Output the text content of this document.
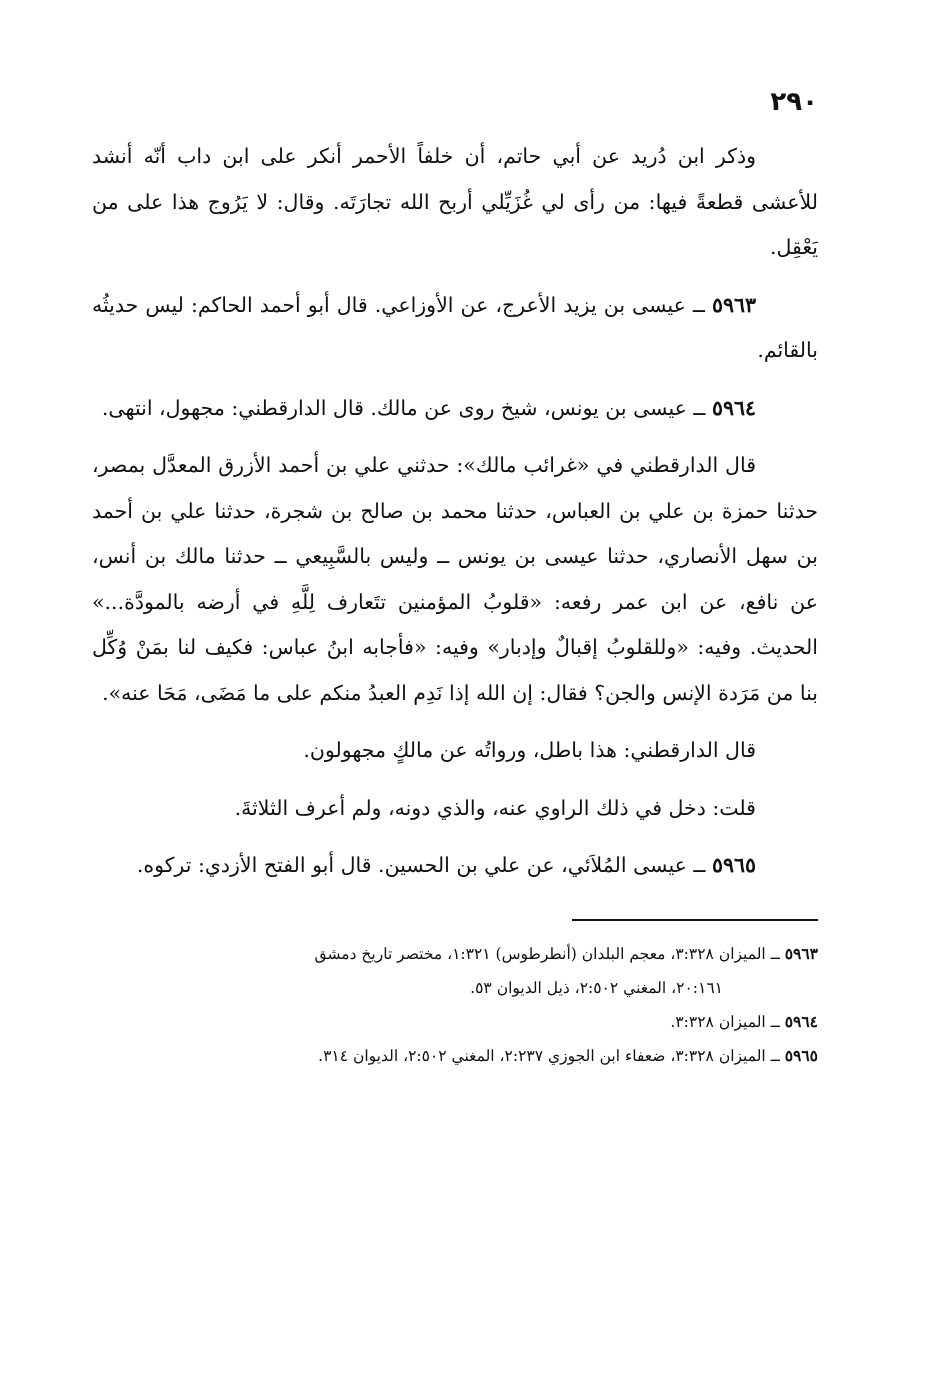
٢٩٠

وذكر ابن دُريد عن أبي حاتم، أن خلفاً الأحمر أنكر على ابن داب أنّه أنشد للأعشى قطعةً فيها: من رأى لي غُزَيِّلي أربح الله تجارَتَه. وقال: لا يَرُوج هذا على من يَعْقِل.

٥٩٦٣ ــ عيسى بن يزيد الأعرج، عن الأوزاعي. قال أبو أحمد الحاكم: ليس حديثُه بالقائم.

٥٩٦٤ ــ عيسى بن يونس، شيخ روى عن مالك. قال الدارقطني: مجهول، انتهى.

قال الدارقطني في «غرائب مالك»: حدثني علي بن أحمد الأزرق المعدَّل بمصر، حدثنا حمزة بن علي بن العباس، حدثنا محمد بن صالح بن شجرة، حدثنا علي بن أحمد بن سهل الأنصاري، حدثنا عيسى بن يونس ــ وليس بالسَّبِيعي ــ حدثنا مالك بن أنس، عن نافع، عن ابن عمر رفعه: «قلوبُ المؤمنين تتَعارف لِلَّهِ في أرضه بالمودَّة...» الحديث. وفيه: «وللقلوبُ إقبالٌ وإدبار» وفيه: «فأجابه ابنُ عباس: فكيف لنا بمَنْ وُكِّل بنا من مَرَدة الإنس والجن؟ فقال: إن الله إذا نَدِم العبدُ منكم على ما مَضَى، مَحَا عنه».

قال الدارقطني: هذا باطل، ورواتُه عن مالكٍ مجهولون.

قلت: دخل في ذلك الراوي عنه، والذي دونه، ولم أعرف الثلاثةَ.

٥٩٦٥ ــ عيسى المُلاَئي، عن علي بن الحسين. قال أبو الفتح الأزدي: تركوه.

٥٩٦٣ ــ الميزان ٣:٣٢٨، معجم البلدان (أنطرطوس) ١:٣٢١، مختصر تاريخ دمشق
٢٠:١٦١، المغني ٢:٥٠٢، ذيل الديوان ٥٣.
٥٩٦٤ ــ الميزان ٣:٣٢٨.
٥٩٦٥ ــ الميزان ٣:٣٢٨، ضعفاء ابن الجوزي ٢:٢٣٧، المغني ٢:٥٠٢، الديوان ٣١٤.
